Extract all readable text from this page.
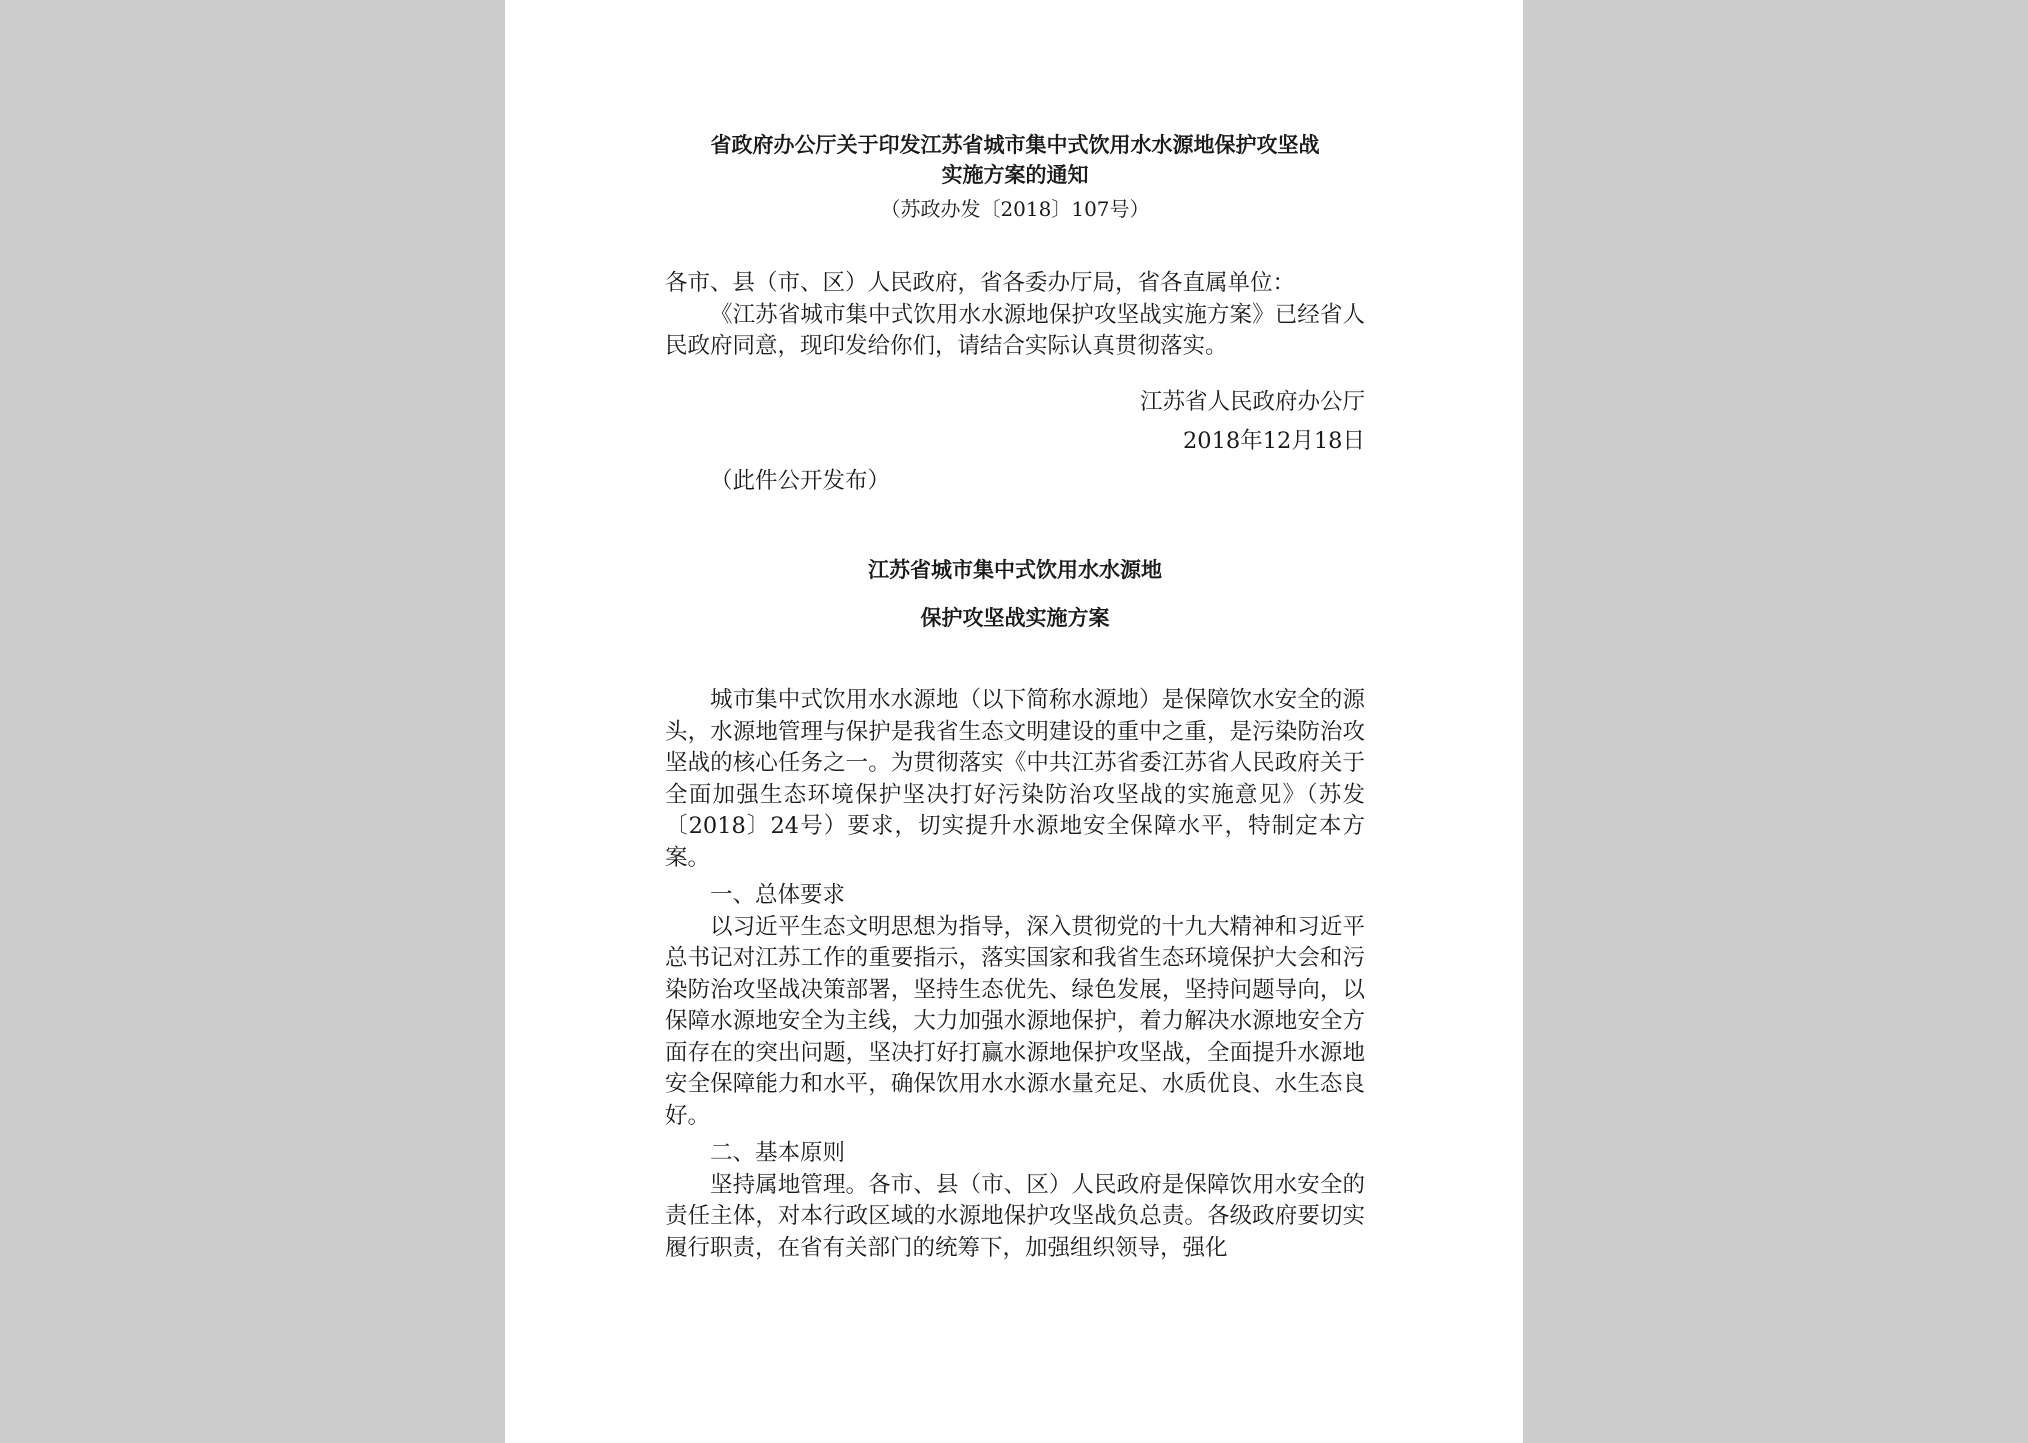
省政府办公厅关于印发江苏省城市集中式饮用水水源地保护攻坚战

实施方案的通知

（苏政办发〔2018〕107号）

各市、县（市、区）人民政府，省各委办厅局，省各直属单位：

《江苏省城市集中式饮用水水源地保护攻坚战实施方案》已经省人民政府同意，现印发给你们，请结合实际认真贯彻落实。

江苏省人民政府办公厅

2018年12月18日

（此件公开发布）

江苏省城市集中式饮用水水源地

保护攻坚战实施方案

城市集中式饮用水水源地（以下简称水源地）是保障饮水安全的源头，水源地管理与保护是我省生态文明建设的重中之重，是污染防治攻坚战的核心任务之一。为贯彻落实《中共江苏省委江苏省人民政府关于全面加强生态环境保护坚决打好污染防治攻坚战的实施意见》（苏发〔2018〕24号）要求，切实提升水源地安全保障水平，特制定本方案。

一、总体要求

以习近平生态文明思想为指导，深入贯彻党的十九大精神和习近平总书记对江苏工作的重要指示，落实国家和我省生态环境保护大会和污染防治攻坚战决策部署，坚持生态优先、绿色发展，坚持问题导向，以保障水源地安全为主线，大力加强水源地保护，着力解决水源地安全方面存在的突出问题，坚决打好打赢水源地保护攻坚战，全面提升水源地安全保障能力和水平，确保饮用水水源水量充足、水质优良、水生态良好。

二、基本原则

坚持属地管理。各市、县（市、区）人民政府是保障饮用水安全的责任主体，对本行政区域的水源地保护攻坚战负总责。各级政府要切实履行职责，在省有关部门的统筹下，加强组织领导，强化
